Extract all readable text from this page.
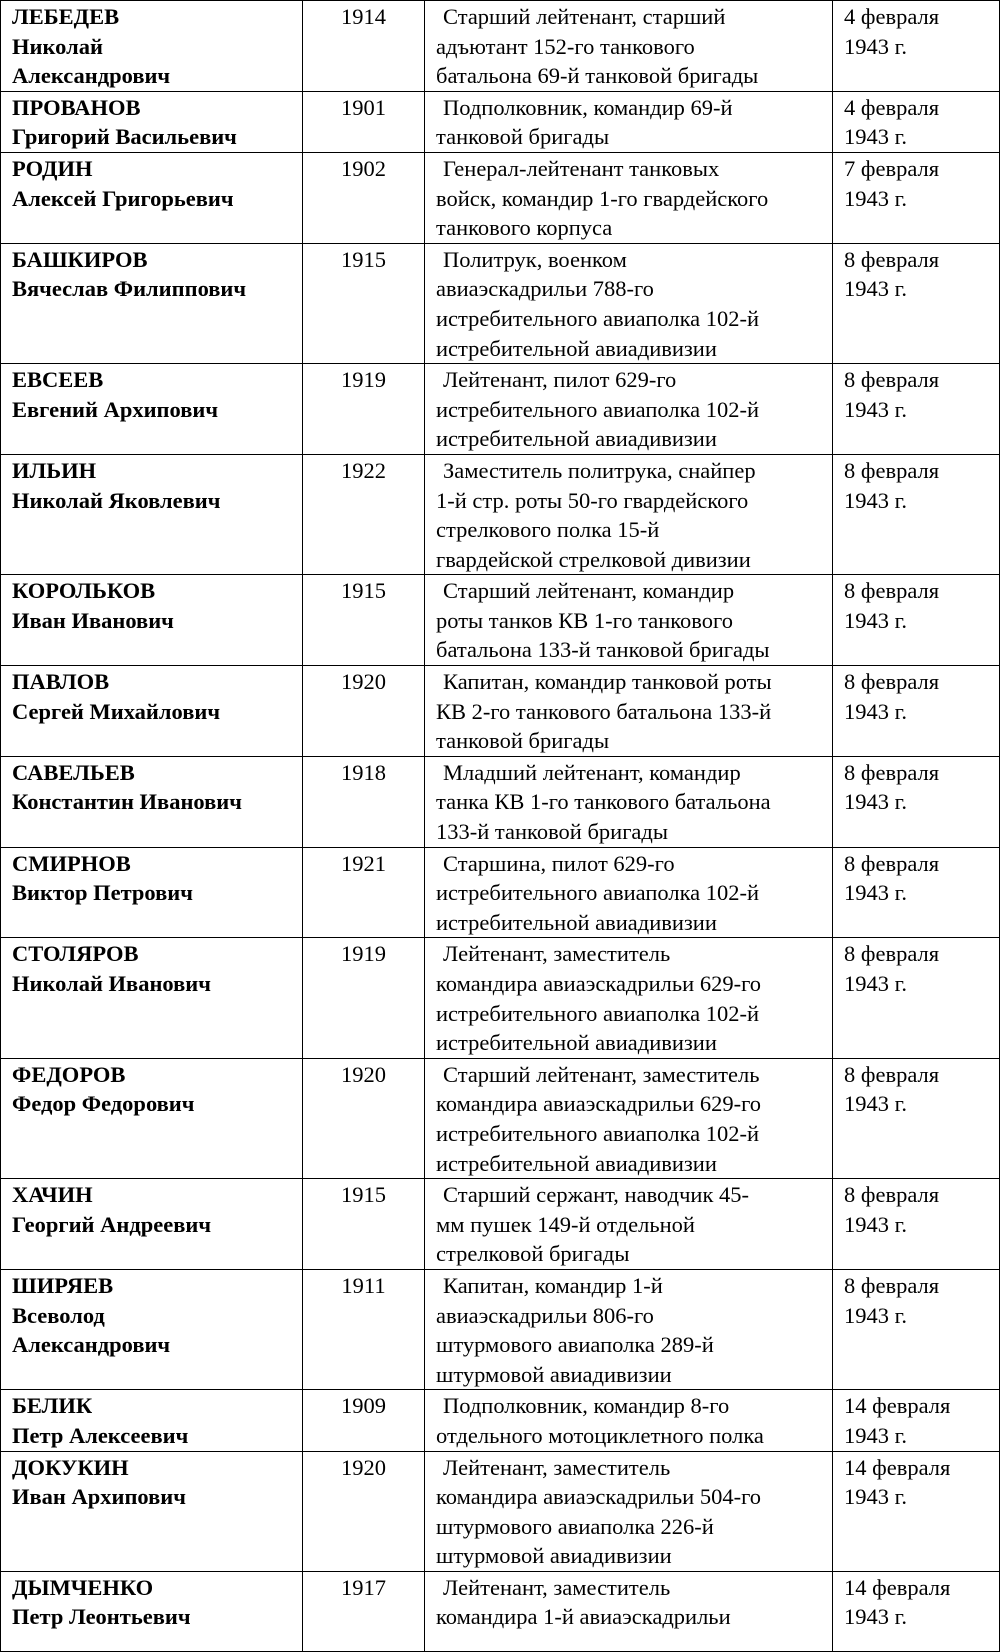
ЛЕБЕДЕВ
Николай
Александрович	1914	Старший лейтенант, старший
адъютант 152-го танкового
батальона 69-й танковой бригады	4 февраля
1943 г.

ПРОВАНОВ
Григорий Васильевич	1901	Подполковник, командир 69-й
танковой бригады	4 февраля
1943 г.

РОДИН
Алексей Григорьевич	1902	Генерал-лейтенант танковых
войск, командир 1-го гвардейского
танкового корпуса	7 февраля
1943 г.

БАШКИРОВ
Вячеслав Филиппович	1915	Политрук, военком
авиаэскадрильи 788-го
истребительного авиаполка 102-й
истребительной авиадивизии	8 февраля
1943 г.

ЕВСЕЕВ
Евгений Архипович	1919	Лейтенант, пилот 629-го
истребительного авиаполка 102-й
истребительной авиадивизии	8 февраля
1943 г.

ИЛЬИН
Николай Яковлевич	1922	Заместитель политрука, снайпер
1-й стр. роты 50-го гвардейского
стрелкового полка 15-й
гвардейской стрелковой дивизии	8 февраля
1943 г.

КОРОЛЬКОВ
Иван Иванович	1915	Старший лейтенант, командир
роты танков КВ 1-го танкового
батальона 133-й танковой бригады	8 февраля
1943 г.

ПАВЛОВ
Сергей Михайлович	1920	Капитан, командир танковой роты
КВ 2-го танкового батальона 133-й
танковой бригады	8 февраля
1943 г.

САВЕЛЬЕВ
Константин Иванович	1918	Младший лейтенант, командир
танка КВ 1-го танкового батальона
133-й танковой бригады	8 февраля
1943 г.

СМИРНОВ
Виктор Петрович	1921	Старшина, пилот 629-го
истребительного авиаполка 102-й
истребительной авиадивизии	8 февраля
1943 г.

СТОЛЯРОВ
Николай Иванович	1919	Лейтенант, заместитель
командира авиаэскадрильи 629-го
истребительного авиаполка 102-й
истребительной авиадивизии	8 февраля
1943 г.

ФЕДОРОВ
Федор Федорович	1920	Старший лейтенант, заместитель
командира авиаэскадрильи 629-го
истребительного авиаполка 102-й
истребительной авиадивизии	8 февраля
1943 г.

ХАЧИН
Георгий Андреевич	1915	Старший сержант, наводчик 45-
мм пушек 149-й отдельной
стрелковой бригады	8 февраля
1943 г.

ШИРЯЕВ
Всеволод
Александрович	1911	Капитан, командир 1-й
авиаэскадрильи 806-го
штурмового авиаполка 289-й
штурмовой авиадивизии	8 февраля
1943 г.

БЕЛИК
Петр Алексеевич	1909	Подполковник, командир 8-го
отдельного мотоциклетного полка	14 февраля
1943 г.

ДОКУКИН
Иван Архипович	1920	Лейтенант, заместитель
командира авиаэскадрильи 504-го
штурмового авиаполка 226-й
штурмовой авиадивизии	14 февраля
1943 г.

ДЫМЧЕНКО
Петр Леонтьевич	1917	Лейтенант, заместитель
командира 1-й авиаэскадрильи	14 февраля
1943 г.
